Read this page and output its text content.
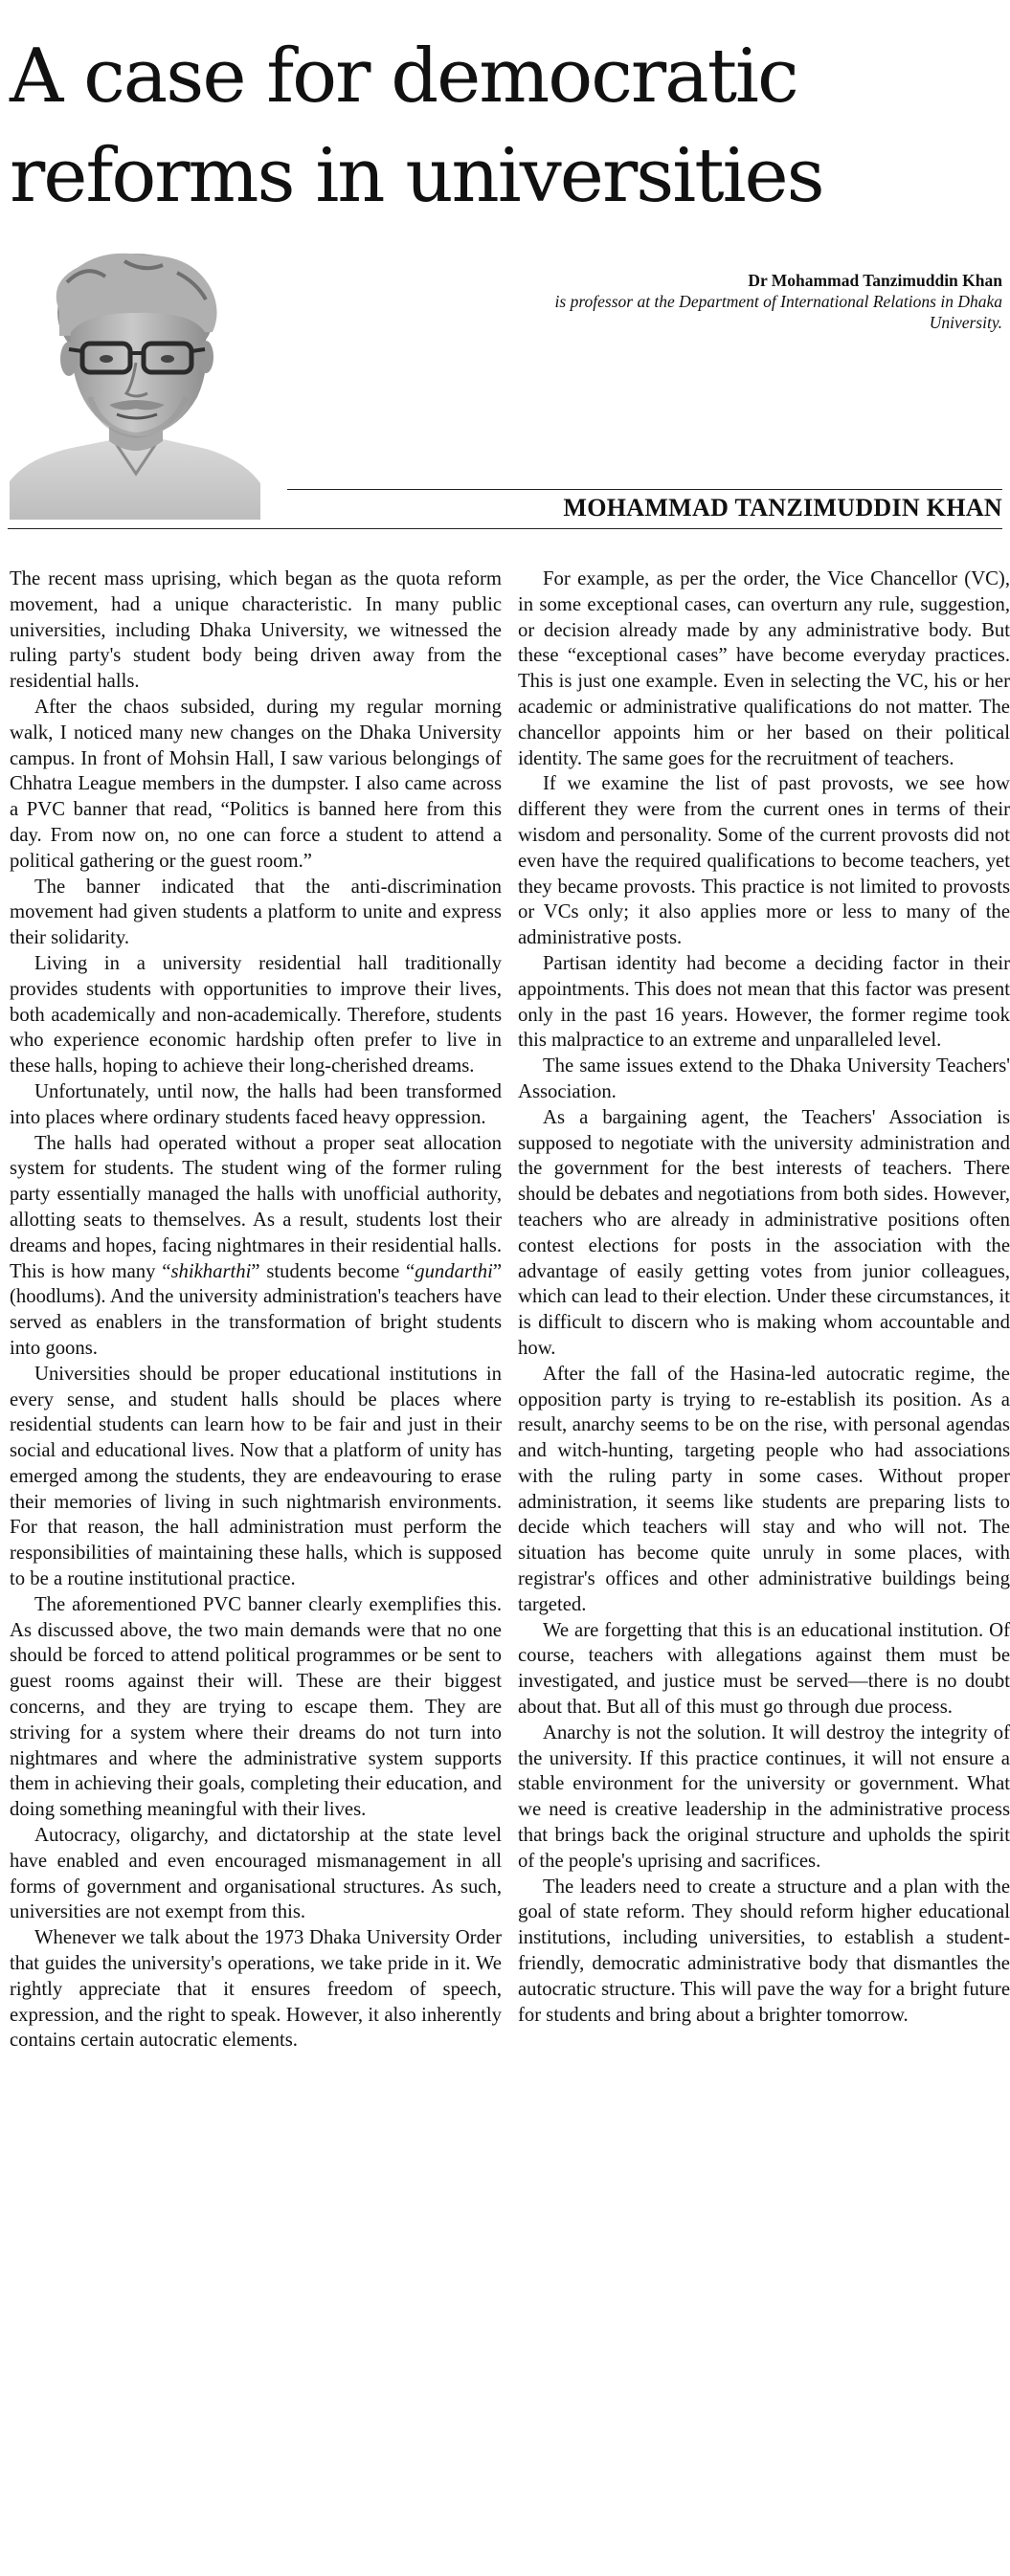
A case for democratic reforms in universities
Dr Mohammad Tanzimuddin Khan
is professor at the Department of International Relations in Dhaka University.
MOHAMMAD TANZIMUDDIN KHAN

The recent mass uprising, which began as the quota reform movement, had a unique characteristic. In many public universities, including Dhaka University, we witnessed the ruling party's student body being driven away from the residential halls.

After the chaos subsided, during my regular morning walk, I noticed many new changes on the Dhaka University campus. In front of Mohsin Hall, I saw various belongings of Chhatra League members in the dumpster. I also came across a PVC banner that read, “Politics is banned here from this day. From now on, no one can force a student to attend a political gathering or the guest room.”

The banner indicated that the anti-discrimination movement had given students a platform to unite and express their solidarity.

Living in a university residential hall traditionally provides students with opportunities to improve their lives, both academically and non-academically. Therefore, students who experience economic hardship often prefer to live in these halls, hoping to achieve their long-cherished dreams.

Unfortunately, until now, the halls had been transformed into places where ordinary students faced heavy oppression.

The halls had operated without a proper seat allocation system for students. The student wing of the former ruling party essentially managed the halls with unofficial authority, allotting seats to themselves. As a result, students lost their dreams and hopes, facing nightmares in their residential halls. This is how many “shikharthi” students become “gundarthi” (hoodlums). And the university administration's teachers have served as enablers in the transformation of bright students into goons.

Universities should be proper educational institutions in every sense, and student halls should be places where residential students can learn how to be fair and just in their social and educational lives. Now that a platform of unity has emerged among the students, they are endeavouring to erase their memories of living in such nightmarish environments. For that reason, the hall administration must perform the responsibilities of maintaining these halls, which is supposed to be a routine institutional practice.

The aforementioned PVC banner clearly exemplifies this. As discussed above, the two main demands were that no one should be forced to attend political programmes or be sent to guest rooms against their will. These are their biggest concerns, and they are trying to escape them. They are striving for a system where their dreams do not turn into nightmares and where the administrative system supports them in achieving their goals, completing their education, and doing something meaningful with their lives.

Autocracy, oligarchy, and dictatorship at the state level have enabled and even encouraged mismanagement in all forms of government and organisational structures. As such, universities are not exempt from this.

Whenever we talk about the 1973 Dhaka University Order that guides the university's operations, we take pride in it. We rightly appreciate that it ensures freedom of speech, expression, and the right to speak. However, it also inherently contains certain autocratic elements.

For example, as per the order, the Vice Chancellor (VC), in some exceptional cases, can overturn any rule, suggestion, or decision already made by any administrative body. But these “exceptional cases” have become everyday practices. This is just one example. Even in selecting the VC, his or her academic or administrative qualifications do not matter. The chancellor appoints him or her based on their political identity. The same goes for the recruitment of teachers.

If we examine the list of past provosts, we see how different they were from the current ones in terms of their wisdom and personality. Some of the current provosts did not even have the required qualifications to become teachers, yet they became provosts. This practice is not limited to provosts or VCs only; it also applies more or less to many of the administrative posts.

Partisan identity had become a deciding factor in their appointments. This does not mean that this factor was present only in the past 16 years. However, the former regime took this malpractice to an extreme and unparalleled level.

The same issues extend to the Dhaka University Teachers' Association.

As a bargaining agent, the Teachers' Association is supposed to negotiate with the university administration and the government for the best interests of teachers. There should be debates and negotiations from both sides. However, teachers who are already in administrative positions often contest elections for posts in the association with the advantage of easily getting votes from junior colleagues, which can lead to their election. Under these circumstances, it is difficult to discern who is making whom accountable and how.

After the fall of the Hasina-led autocratic regime, the opposition party is trying to re-establish its position. As a result, anarchy seems to be on the rise, with personal agendas and witch-hunting, targeting people who had associations with the ruling party in some cases. Without proper administration, it seems like students are preparing lists to decide which teachers will stay and who will not. The situation has become quite unruly in some places, with registrar's offices and other administrative buildings being targeted.

We are forgetting that this is an educational institution. Of course, teachers with allegations against them must be investigated, and justice must be served—there is no doubt about that. But all of this must go through due process.

Anarchy is not the solution. It will destroy the integrity of the university. If this practice continues, it will not ensure a stable environment for the university or government. What we need is creative leadership in the administrative process that brings back the original structure and upholds the spirit of the people's uprising and sacrifices.

The leaders need to create a structure and a plan with the goal of state reform. They should reform higher educational institutions, including universities, to establish a student-friendly, democratic administrative body that dismantles the autocratic structure. This will pave the way for a bright future for students and bring about a brighter tomorrow.
